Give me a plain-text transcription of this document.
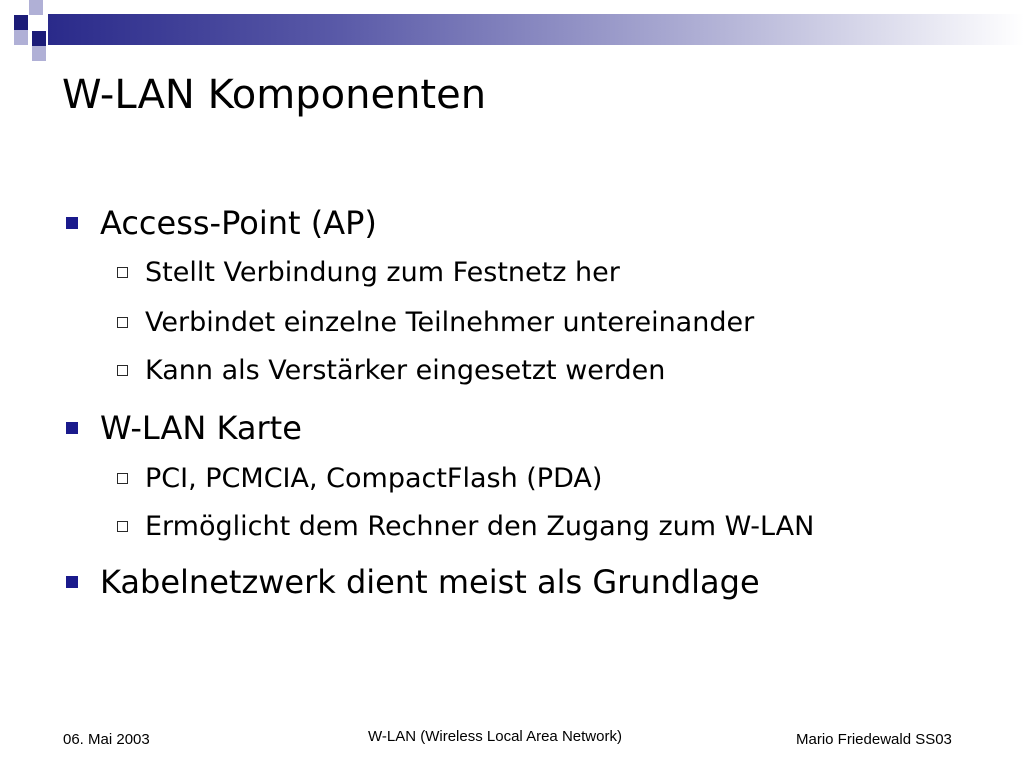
W-LAN Komponenten
Access-Point (AP)
Stellt Verbindung zum Festnetz her
Verbindet einzelne Teilnehmer untereinander
Kann als Verstärker eingesetzt werden
W-LAN Karte
PCI, PCMCIA, CompactFlash (PDA)
Ermöglicht dem Rechner den Zugang zum W-LAN
Kabelnetzwerk dient meist als Grundlage
06. Mai 2003	W-LAN (Wireless Local Area Network)	Mario Friedewald SS03
